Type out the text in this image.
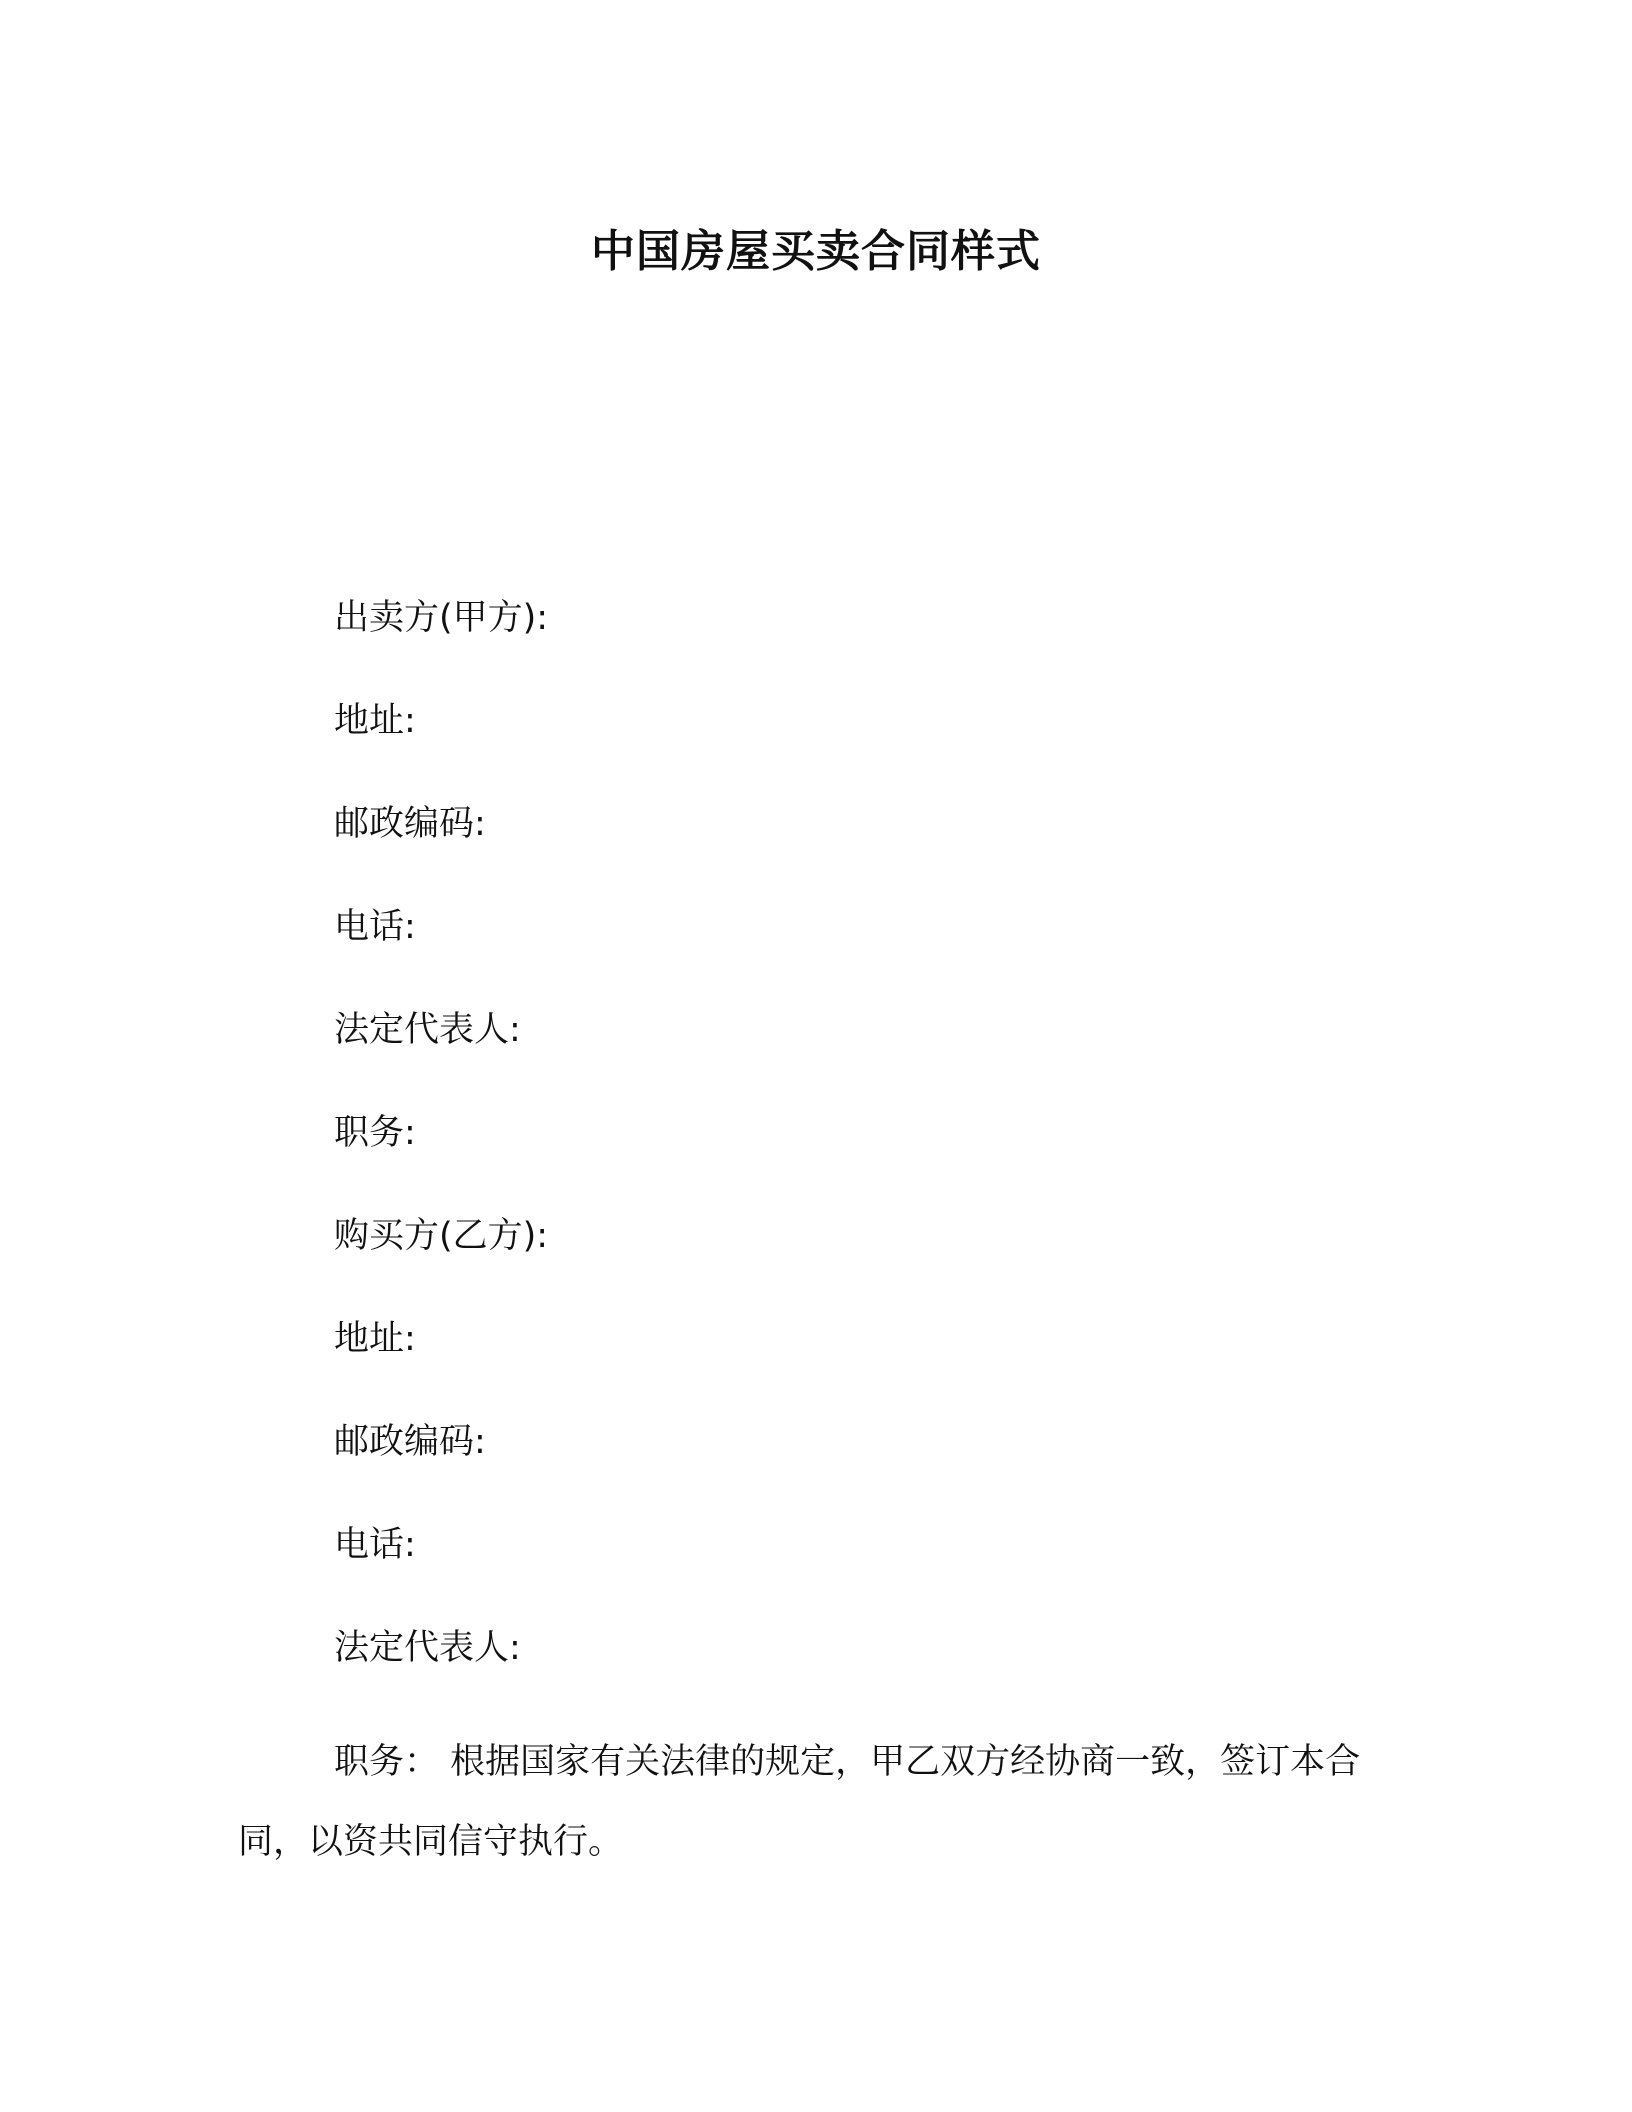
中国房屋买卖合同样式
出卖方(甲方):
地址:
邮政编码:
电话:
法定代表人:
职务:
购买方(乙方):
地址:
邮政编码:
电话:
法定代表人:

职务： 根据国家有关法律的规定，甲乙双方经协商一致，签订本合同，以资共同信守执行。
